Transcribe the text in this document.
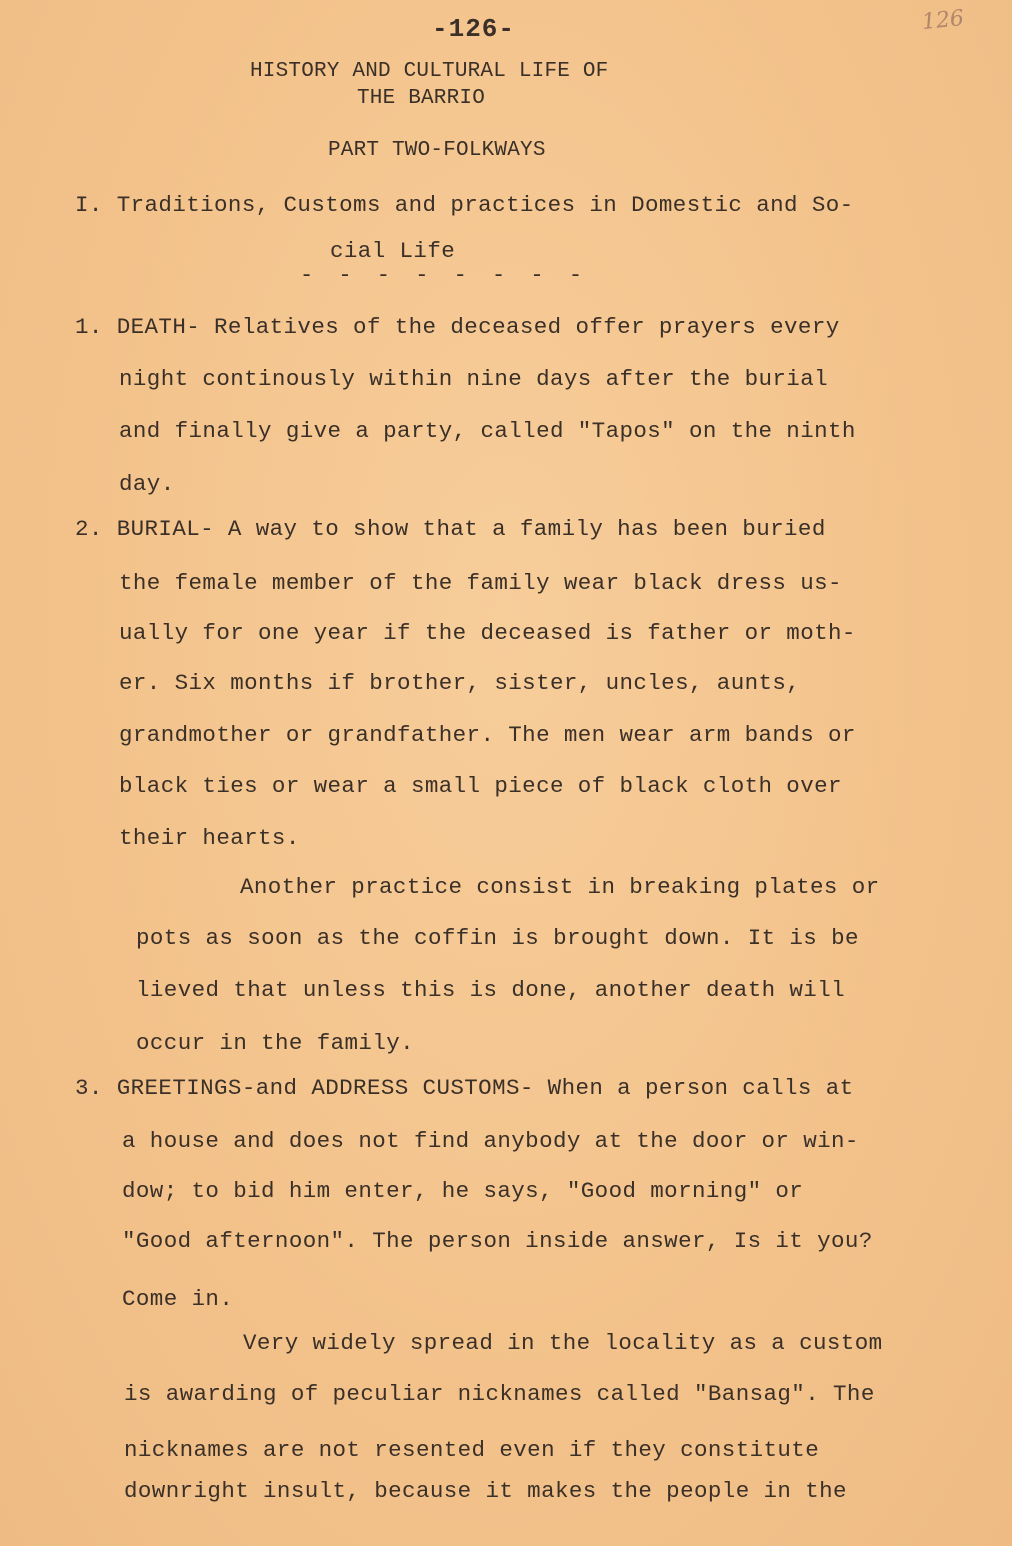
-126-	126
HISTORY AND CULTURAL LIFE OF
THE BARRIO
PART TWO-FOLKWAYS
I. Traditions, Customs and practices in Domestic and So-
cial Life
- - - - - - - -
1. DEATH- Relatives of the deceased offer prayers every
night continously within nine days after the burial
and finally give a party, called "Tapos" on the ninth
day.
2. BURIAL- A way to show that a family has been buried
the female member of the family wear black dress us-
ually for one year if the deceased is father or moth-
er. Six months if brother, sister, uncles, aunts,
grandmother or grandfather. The men wear arm bands or
black ties or wear a small piece of black cloth over
their hearts.
Another practice consist in breaking plates or
pots as soon as the coffin is brought down. It is be
lieved that unless this is done, another death will
occur in the family.
3. GREETINGS-and ADDRESS CUSTOMS- When a person calls at
a house and does not find anybody at the door or win-
dow; to bid him enter, he says, "Good morning" or
"Good afternoon". The person inside answer, Is it you?
Come in.
Very widely spread in the locality as a custom
is awarding of peculiar nicknames called "Bansag". The
nicknames are not resented even if they constitute
downright insult, because it makes the people in the
